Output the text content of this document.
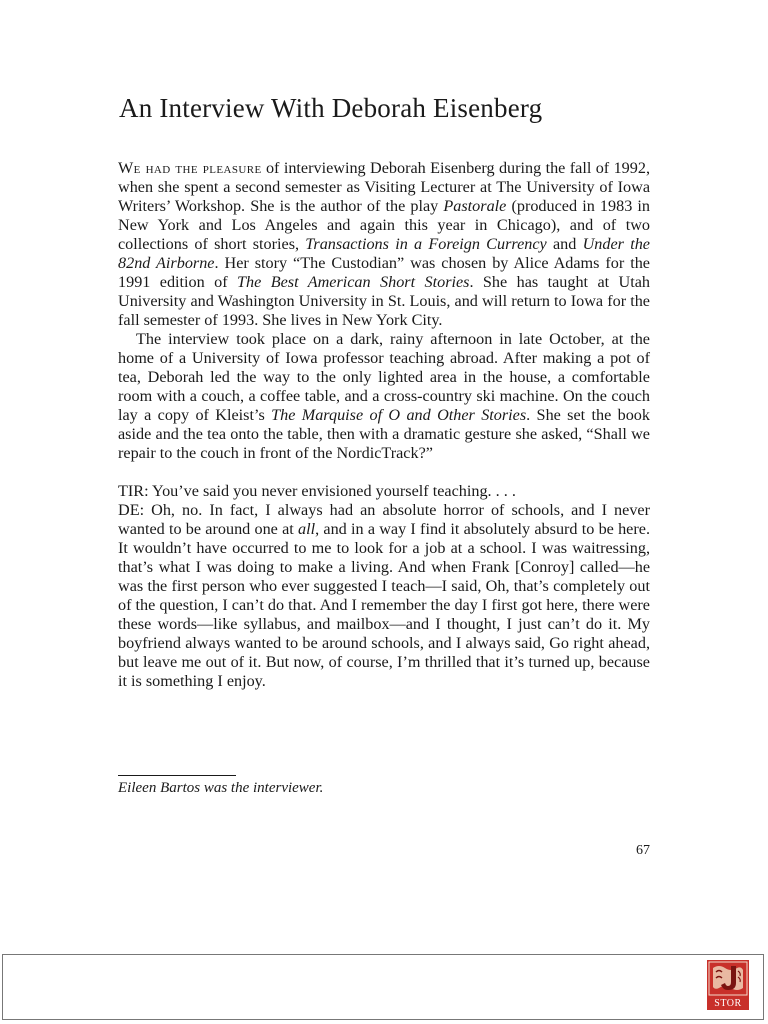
An Interview With Deborah Eisenberg

We had the pleasure of interviewing Deborah Eisenberg during the fall of 1992, when she spent a second semester as Visiting Lecturer at The University of Iowa Writers’ Workshop. She is the author of the play Pastorale (produced in 1983 in New York and Los Angeles and again this year in Chicago), and of two collections of short stories, Transactions in a Foreign Currency and Under the 82nd Airborne. Her story “The Custodian” was chosen by Alice Adams for the 1991 edition of The Best American Short Stories. She has taught at Utah University and Washington University in St. Louis, and will return to Iowa for the fall semester of 1993. She lives in New York City.

The interview took place on a dark, rainy afternoon in late October, at the home of a University of Iowa professor teaching abroad. After making a pot of tea, Deborah led the way to the only lighted area in the house, a comfortable room with a couch, a coffee table, and a cross-country ski machine. On the couch lay a copy of Kleist’s The Marquise of O and Other Stories. She set the book aside and the tea onto the table, then with a dramatic gesture she asked, “Shall we repair to the couch in front of the NordicTrack?”

TIR: You’ve said you never envisioned yourself teaching. . . .

DE: Oh, no. In fact, I always had an absolute horror of schools, and I never wanted to be around one at all, and in a way I find it absolutely absurd to be here. It wouldn’t have occurred to me to look for a job at a school. I was waitressing, that’s what I was doing to make a living. And when Frank [Conroy] called—he was the first person who ever suggested I teach—I said, Oh, that’s completely out of the question, I can’t do that. And I remember the day I first got here, there were these words—like syllabus, and mailbox—and I thought, I just can’t do it. My boyfriend always wanted to be around schools, and I always said, Go right ahead, but leave me out of it. But now, of course, I’m thrilled that it’s turned up, because it is something I enjoy.

Eileen Bartos was the interviewer.
67
STOR
